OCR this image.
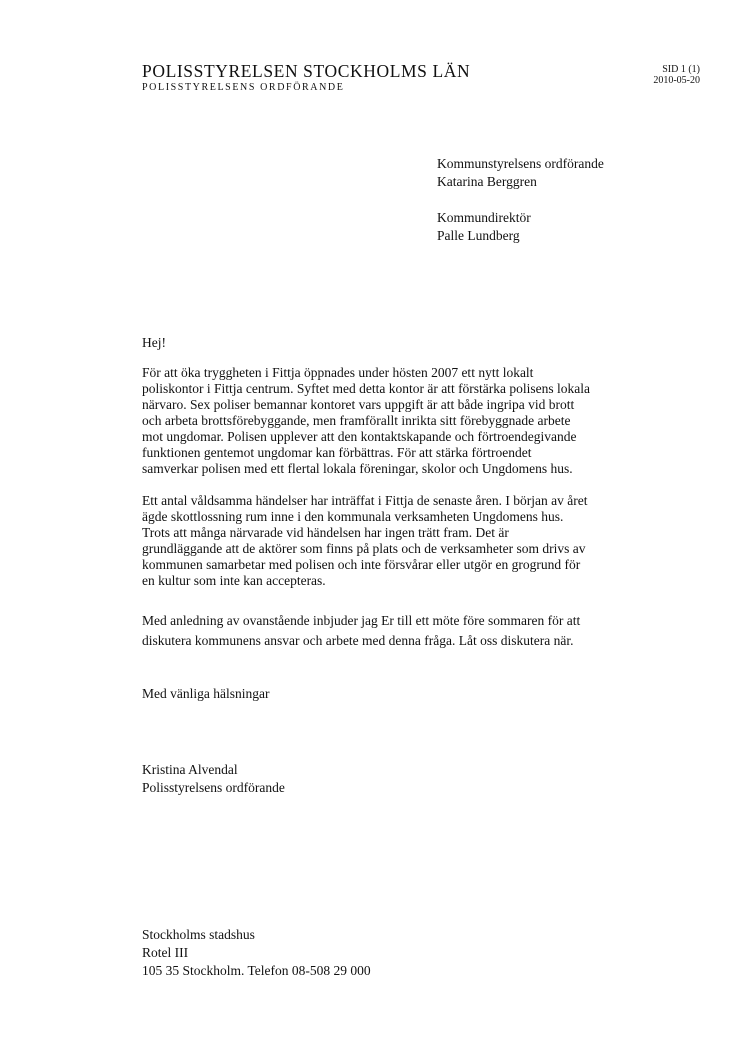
POLISSTYRELSEN STOCKHOLMS LÄN
POLISSTYRELSENS ORDFÖRANDE
SID 1 (1)
2010-05-20
Kommunstyrelsens ordförande
Katarina Berggren
Kommundirektör
Palle Lundberg

Hej!

För att öka tryggheten i Fittja öppnades under hösten 2007 ett nytt lokalt
poliskontor i Fittja centrum. Syftet med detta kontor är att förstärka polisens lokala
närvaro. Sex poliser bemannar kontoret vars uppgift är att både ingripa vid brott
och arbeta brottsförebyggande, men framförallt inrikta sitt förebyggnade arbete
mot ungdomar. Polisen upplever att den kontaktskapande och förtroendegivande
funktionen gentemot ungdomar kan förbättras. För att stärka förtroendet
samverkar polisen med ett flertal lokala föreningar, skolor och Ungdomens hus.

Ett antal våldsamma händelser har inträffat i Fittja de senaste åren. I början av året
ägde skottlossning rum inne i den kommunala verksamheten Ungdomens hus.
Trots att många närvarade vid händelsen har ingen trätt fram. Det är
grundläggande att de aktörer som finns på plats och de verksamheter som drivs av
kommunen samarbetar med polisen och inte försvårar eller utgör en grogrund för
en kultur som inte kan accepteras.

Med anledning av ovanstående inbjuder jag Er till ett möte före sommaren för att
diskutera kommunens ansvar och arbete med denna fråga. Låt oss diskutera när.

Med vänliga hälsningar

Kristina Alvendal

Polisstyrelsens ordförande

Stockholms stadshus
Rotel III
105 35 Stockholm. Telefon 08-508 29 000
